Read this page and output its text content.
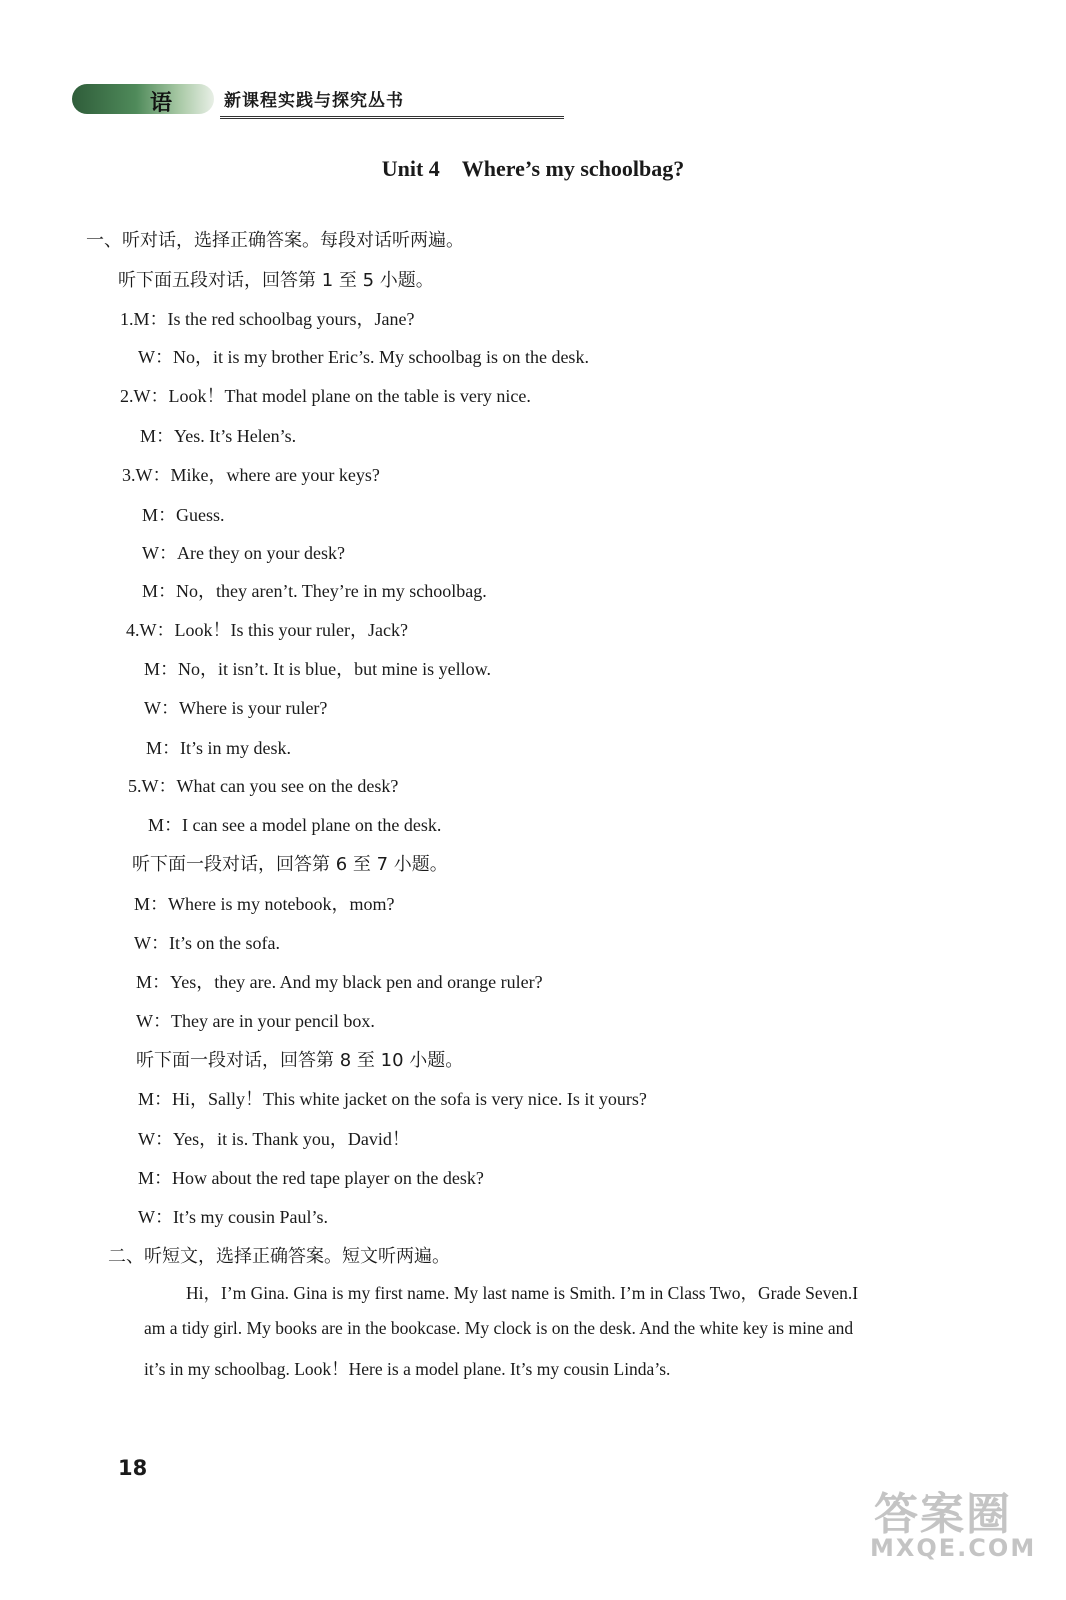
语	新课程实践与探究丛书
Unit 4 Where’s my schoolbag?
一、听对话，选择正确答案。每段对话听两遍。
听下面五段对话，回答第 1 至 5 小题。
1.M：Is the red schoolbag yours，Jane?
W：No，it is my brother Eric’s. My schoolbag is on the desk.
2.W：Look！That model plane on the table is very nice.
M：Yes. It’s Helen’s.
3.W：Mike，where are your keys?
M：Guess.
W：Are they on your desk?
M：No，they aren’t. They’re in my schoolbag.
4.W：Look！Is this your ruler，Jack?
M：No，it isn’t. It is blue，but mine is yellow.
W：Where is your ruler?
M：It’s in my desk.
5.W：What can you see on the desk?
M：I can see a model plane on the desk.
听下面一段对话，回答第 6 至 7 小题。
M：Where is my notebook，mom?
W：It’s on the sofa.
M：Yes，they are. And my black pen and orange ruler?
W：They are in your pencil box.
听下面一段对话，回答第 8 至 10 小题。
M：Hi，Sally！This white jacket on the sofa is very nice. Is it yours?
W：Yes，it is. Thank you，David！
M：How about the red tape player on the desk?
W：It’s my cousin Paul’s.
二、听短文，选择正确答案。短文听两遍。
Hi，I’m Gina. Gina is my first name. My last name is Smith. I’m in Class Two，Grade Seven.I
am a tidy girl. My books are in the bookcase. My clock is on the desk. And the white key is mine and
it’s in my schoolbag. Look！Here is a model plane. It’s my cousin Linda’s.
18
答案圈
MXQE.COM
